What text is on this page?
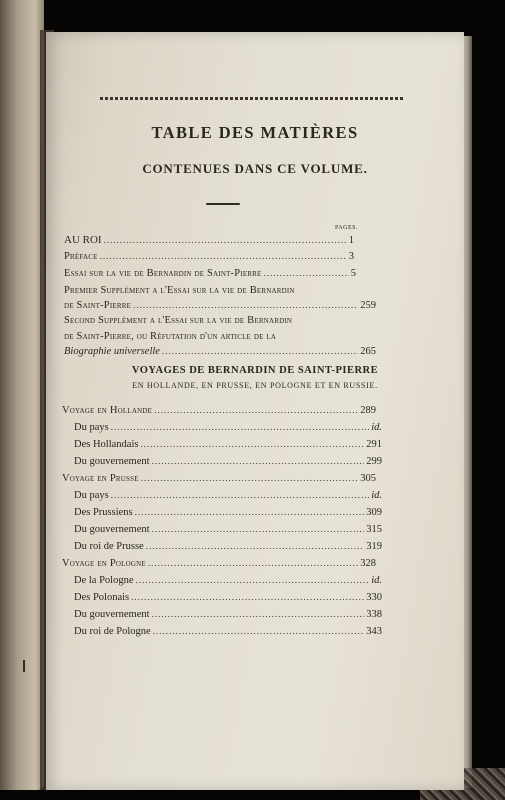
TABLE DES MATIÈRES
CONTENUES DANS CE VOLUME.
PAGES.
AU ROI .....	1
Préface .....	3
Essai sur la vie de Bernardin de Saint-Pierre .....	5
Premier Supplément a l'Essai sur la vie de Bernardin
de Saint-Pierre .....	259
Second Supplément a l'Essai sur la vie de Bernardin
de Saint-Pierre, ou Réfutation d'un article de la
Biographie universelle .....	265
VOYAGES DE BERNARDIN DE SAINT-PIERRE
EN HOLLANDE, EN PRUSSE, EN POLOGNE ET EN RUSSIE.
Voyage en Hollande .....	289
Du pays .....	id.
Des Hollandais .....	291
Du gouvernement .....	299
Voyage en Prusse .....	305
Du pays .....	id.
Des Prussiens .....	309
Du gouvernement .....	315
Du roi de Prusse .....	319
Voyage en Pologne .....	328
De la Pologne .....	id.
Des Polonais .....	330
Du gouvernement .....	338
Du roi de Pologne .....	343
